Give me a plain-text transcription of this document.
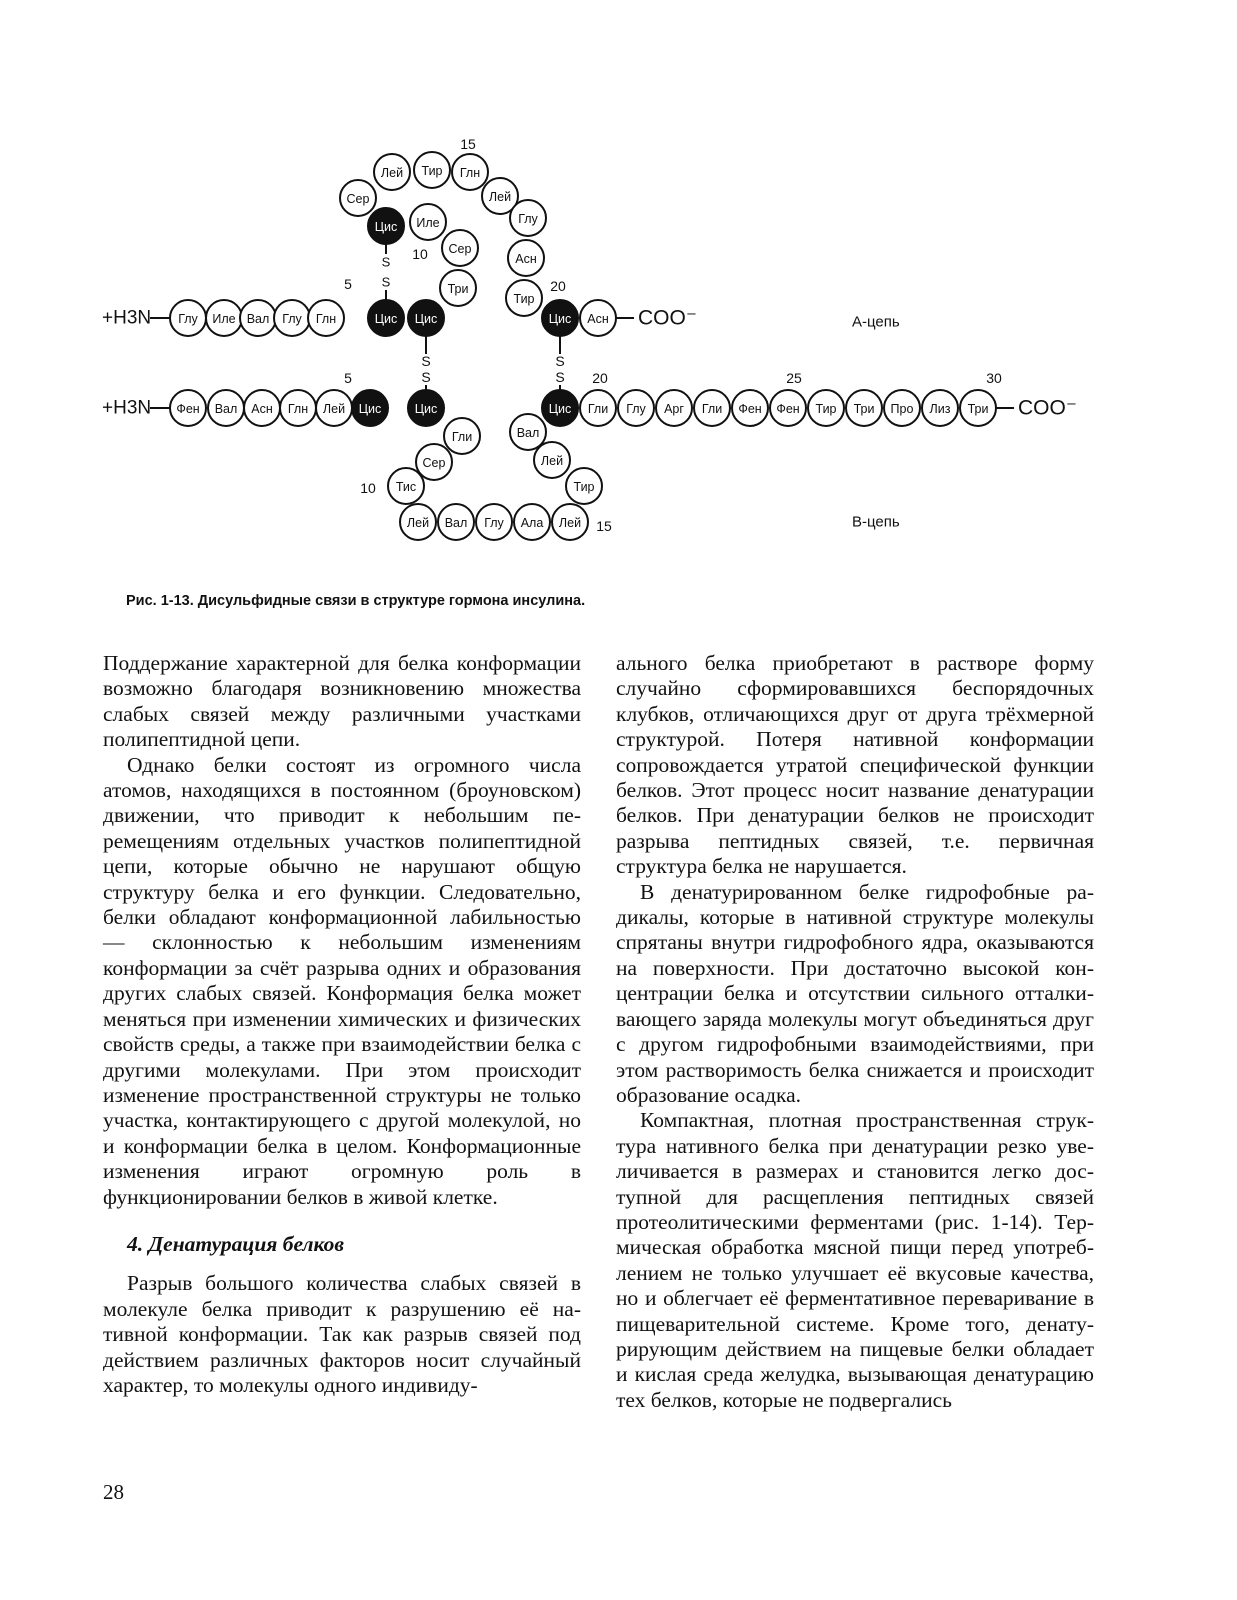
Глу Иле Вал Глу Глн	Цис Цис
Сер
Лей Тир Глн
Лей
Глу
Асн
Тир
Цис Иле
Сер
Три
Цис Асн
Фен Вал Асн Глн Лей Цис	Цис
Гли
Сер
Тис
Лей Вал Глу Ала Лей
Тир
Лей
Вал
Цис Гли Глу Арг Гли Фен Фен Тир Три Про Лиз Три
S
S
S
S
S
S
+H3N
+H3N
COO⁻
COO⁻
15
10
5	20
5	20	25	30
10
15
А-цепь
В-цепь
Рис. 1-13. Дисульфидные связи в структуре гормона инсулина.

Поддержание характерной для белка конформации возможно благодаря возникновению множества слабых связей между различными участками полипептидной цепи.

Однако белки состоят из огромного числа атомов, находящихся в постоянном (броуновском) движении, что приводит к небольшим перемещениям отдельных участков полипептидной цепи, которые обычно не нарушают общую структуру белка и его функции. Следовательно, белки обладают конформационной лабильностью — склонностью к небольшим изменениям конформации за счёт разрыва одних и образования других слабых связей. Конформация белка может меняться при изменении химических и физических свойств среды, а также при взаимодействии белка с другими молекулами. При этом происходит изменение пространственной структуры не только участка, контактирующего с другой молекулой, но и конформации белка в целом. Конформационные изменения играют огромную роль в функционировании белков в живой клетке.

4. Денатурация белков

Разрыв большого количества слабых связей в молекуле белка приводит к разрушению её нативной конформации. Так как разрыв связей под действием различных факторов носит случайный характер, то молекулы одного индивиду-

ального белка приобретают в растворе форму случайно сформировавшихся беспорядочных клубков, отличающихся друг от друга трёхмерной структурой. Потеря нативной конформации сопровождается утратой специфической функции белков. Этот процесс носит название денатурации белков. При денатурации белков не происходит разрыва пептидных связей, т.е. первичная структура белка не нарушается.

В денатурированном белке гидрофобные радикалы, которые в нативной структуре молекулы спрятаны внутри гидрофобного ядра, оказываются на поверхности. При достаточно высокой концентрации белка и отсутствии сильного отталкивающего заряда молекулы могут объединяться друг с другом гидрофобными взаимодействиями, при этом растворимость белка снижается и происходит образование осадка.

Компактная, плотная пространственная структура нативного белка при денатурации резко увеличивается в размерах и становится легко доступной для расщепления пептидных связей протеолитическими ферментами (рис. 1-14). Термическая обработка мясной пищи перед употреблением не только улучшает её вкусовые качества, но и облегчает её ферментативное переваривание в пищеварительной системе. Кроме того, денатурирующим действием на пищевые белки обладает и кислая среда желудка, вызывающая денатурацию тех белков, которые не подвергались

28
